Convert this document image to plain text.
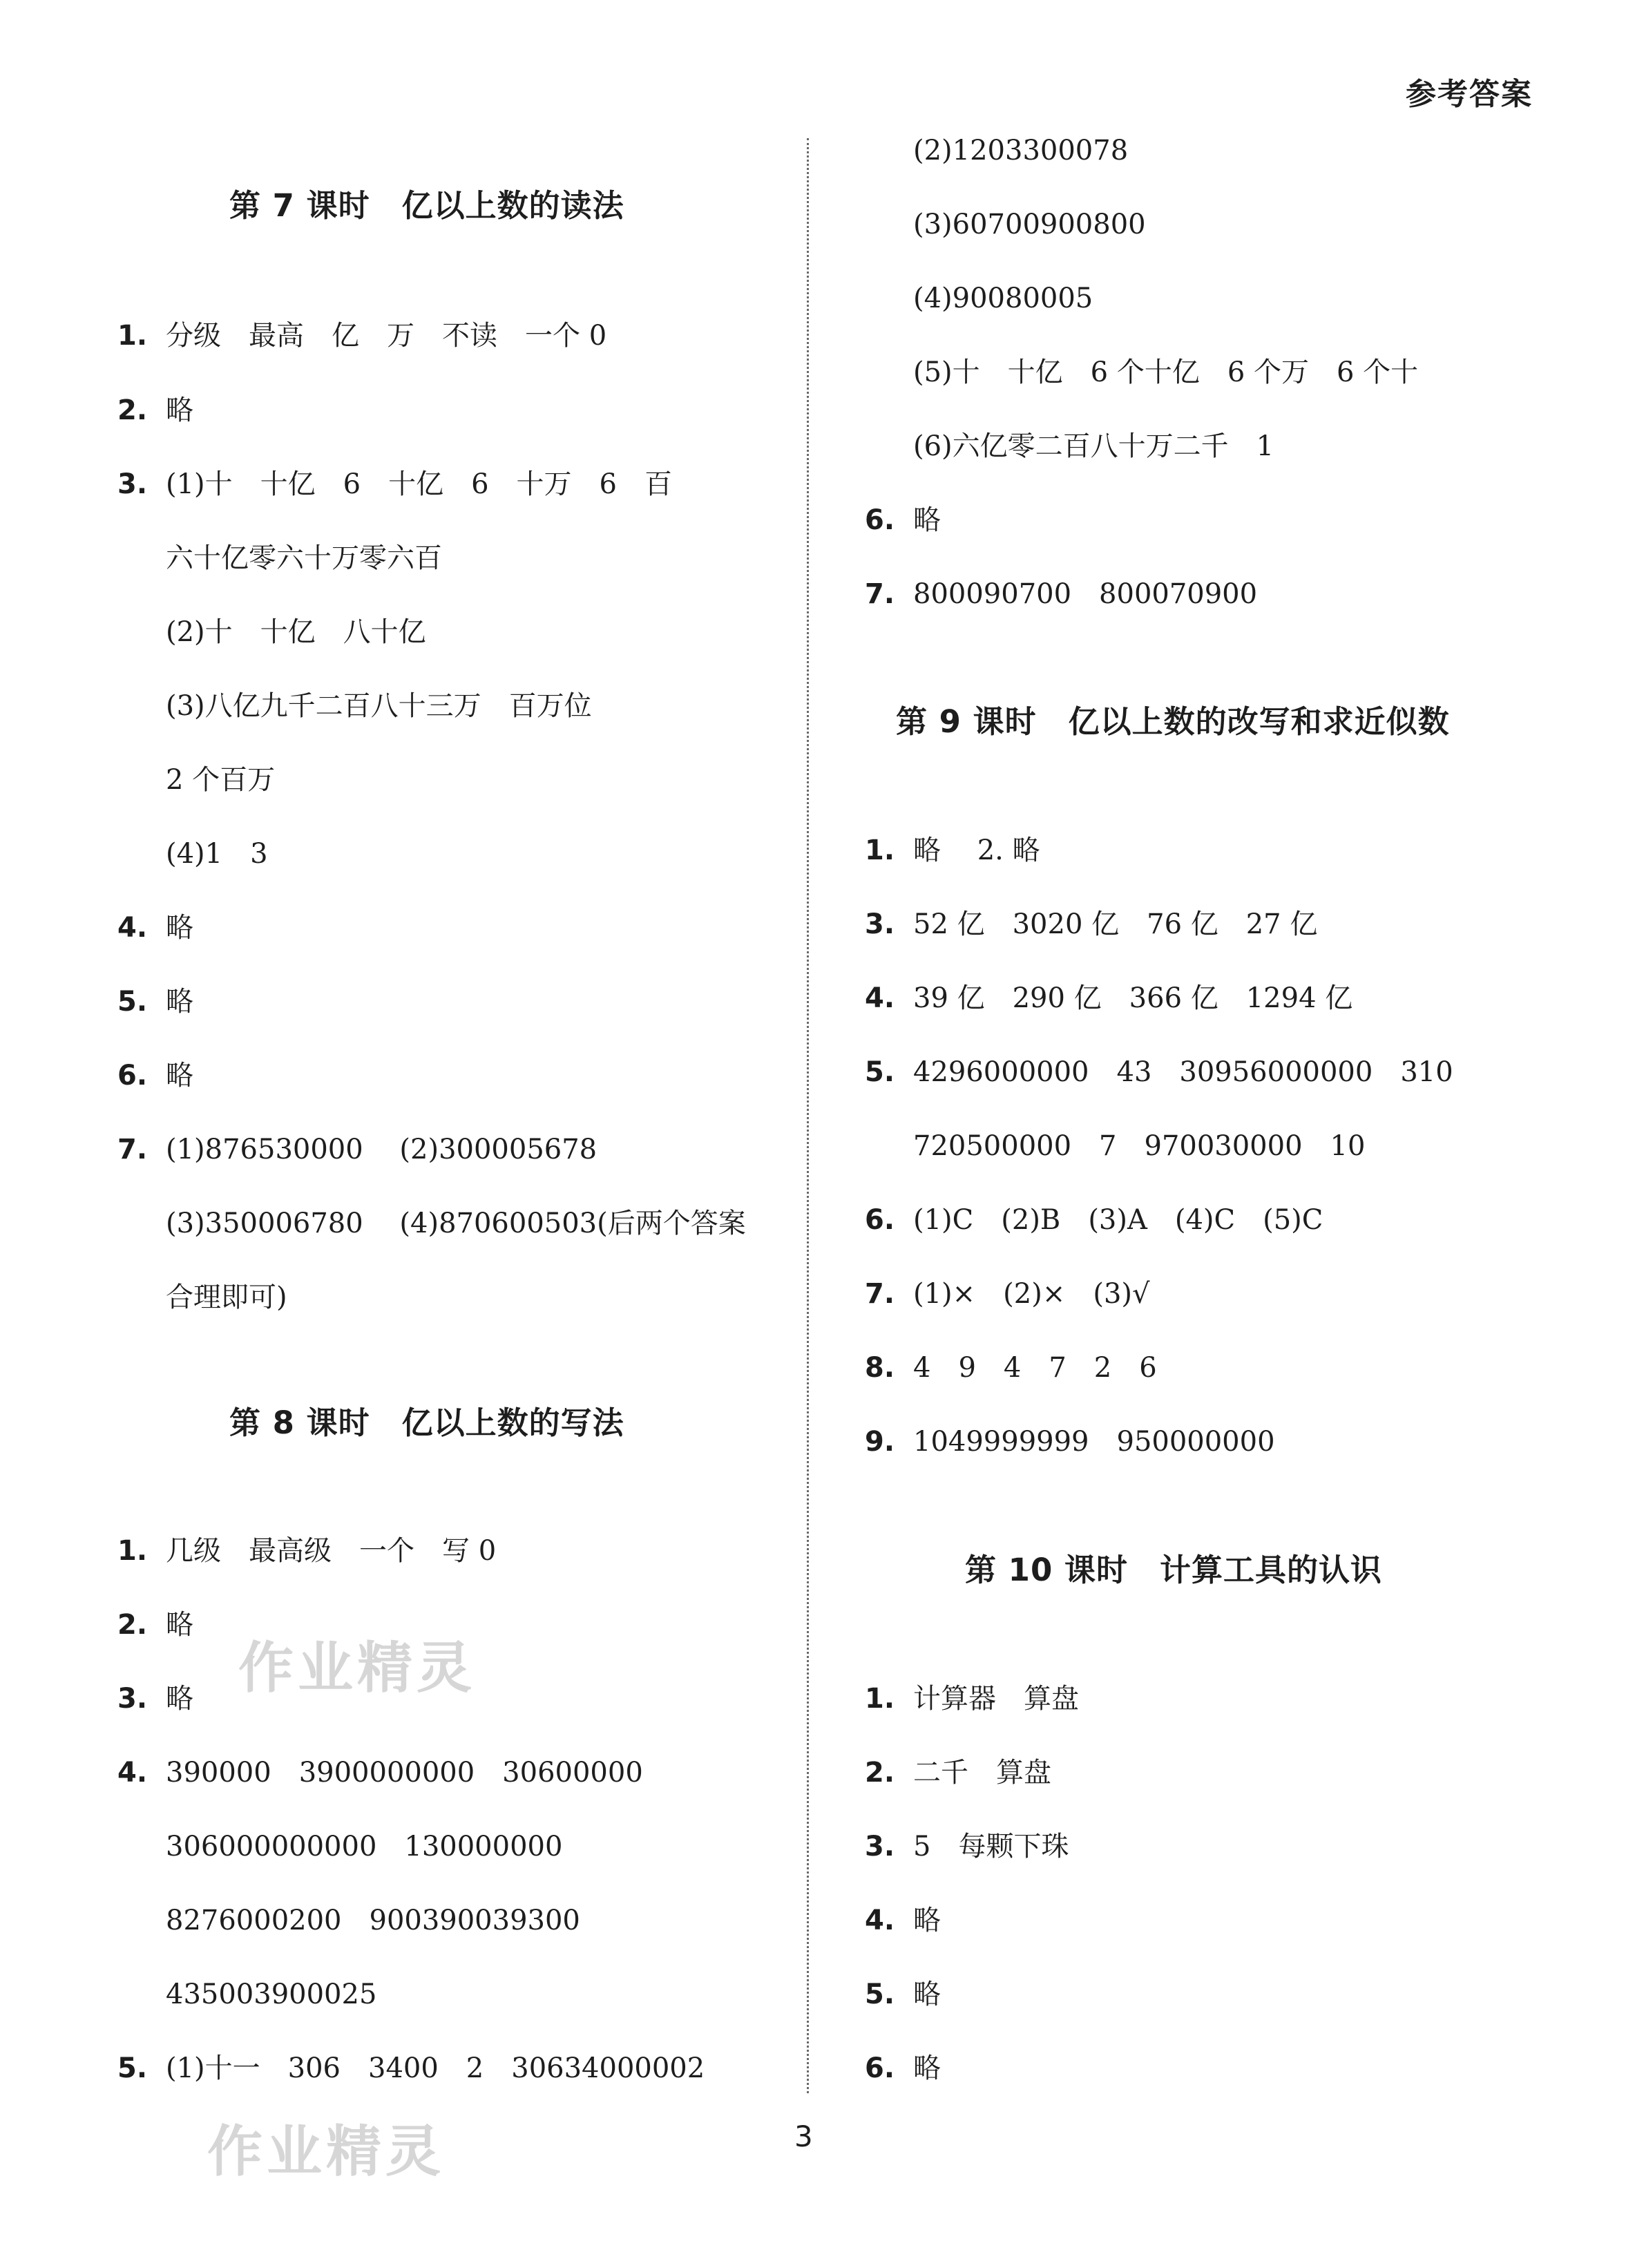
参考答案
第 7 课时　亿以上数的读法
1. 分级　最高　亿　万　不读　一个 0
2. 略
3. (1)十　十亿　6　十亿　6　十万　6　百
六十亿零六十万零六百
(2)十　十亿　八十亿
(3)八亿九千二百八十三万　百万位
2 个百万
(4)1　3
4. 略
5. 略
6. 略
7. (1)876530000　 (2)300005678
(3)350006780　 (4)870600503(后两个答案
合理即可)
第 8 课时　亿以上数的写法
1. 几级　最高级　一个　写 0
2. 略
3. 略
4. 390000　3900000000　30600000
306000000000　130000000
8276000200　900390039300
435003900025
5. (1)十一　306　3400　2　30634000002
(2)1203300078
(3)60700900800
(4)90080005
(5)十　十亿　6 个十亿　6 个万　6 个十
(6)六亿零二百八十万二千　1
6. 略
7. 800090700　800070900
第 9 课时　亿以上数的改写和求近似数
1. 略　 2. 略
3. 52 亿　3020 亿　76 亿　27 亿
4. 39 亿　290 亿　366 亿　1294 亿
5. 4296000000　43　30956000000　310
720500000　7　970030000　10
6. (1)C　(2)B　(3)A　(4)C　(5)C
7. (1)×　(2)×　(3)√
8. 4　9　4　7　2　6
9. 1049999999　950000000
第 10 课时　计算工具的认识
1. 计算器　算盘
2. 二千　算盘
3. 5　每颗下珠
4. 略
5. 略
6. 略
作业精灵
作业精灵	3
